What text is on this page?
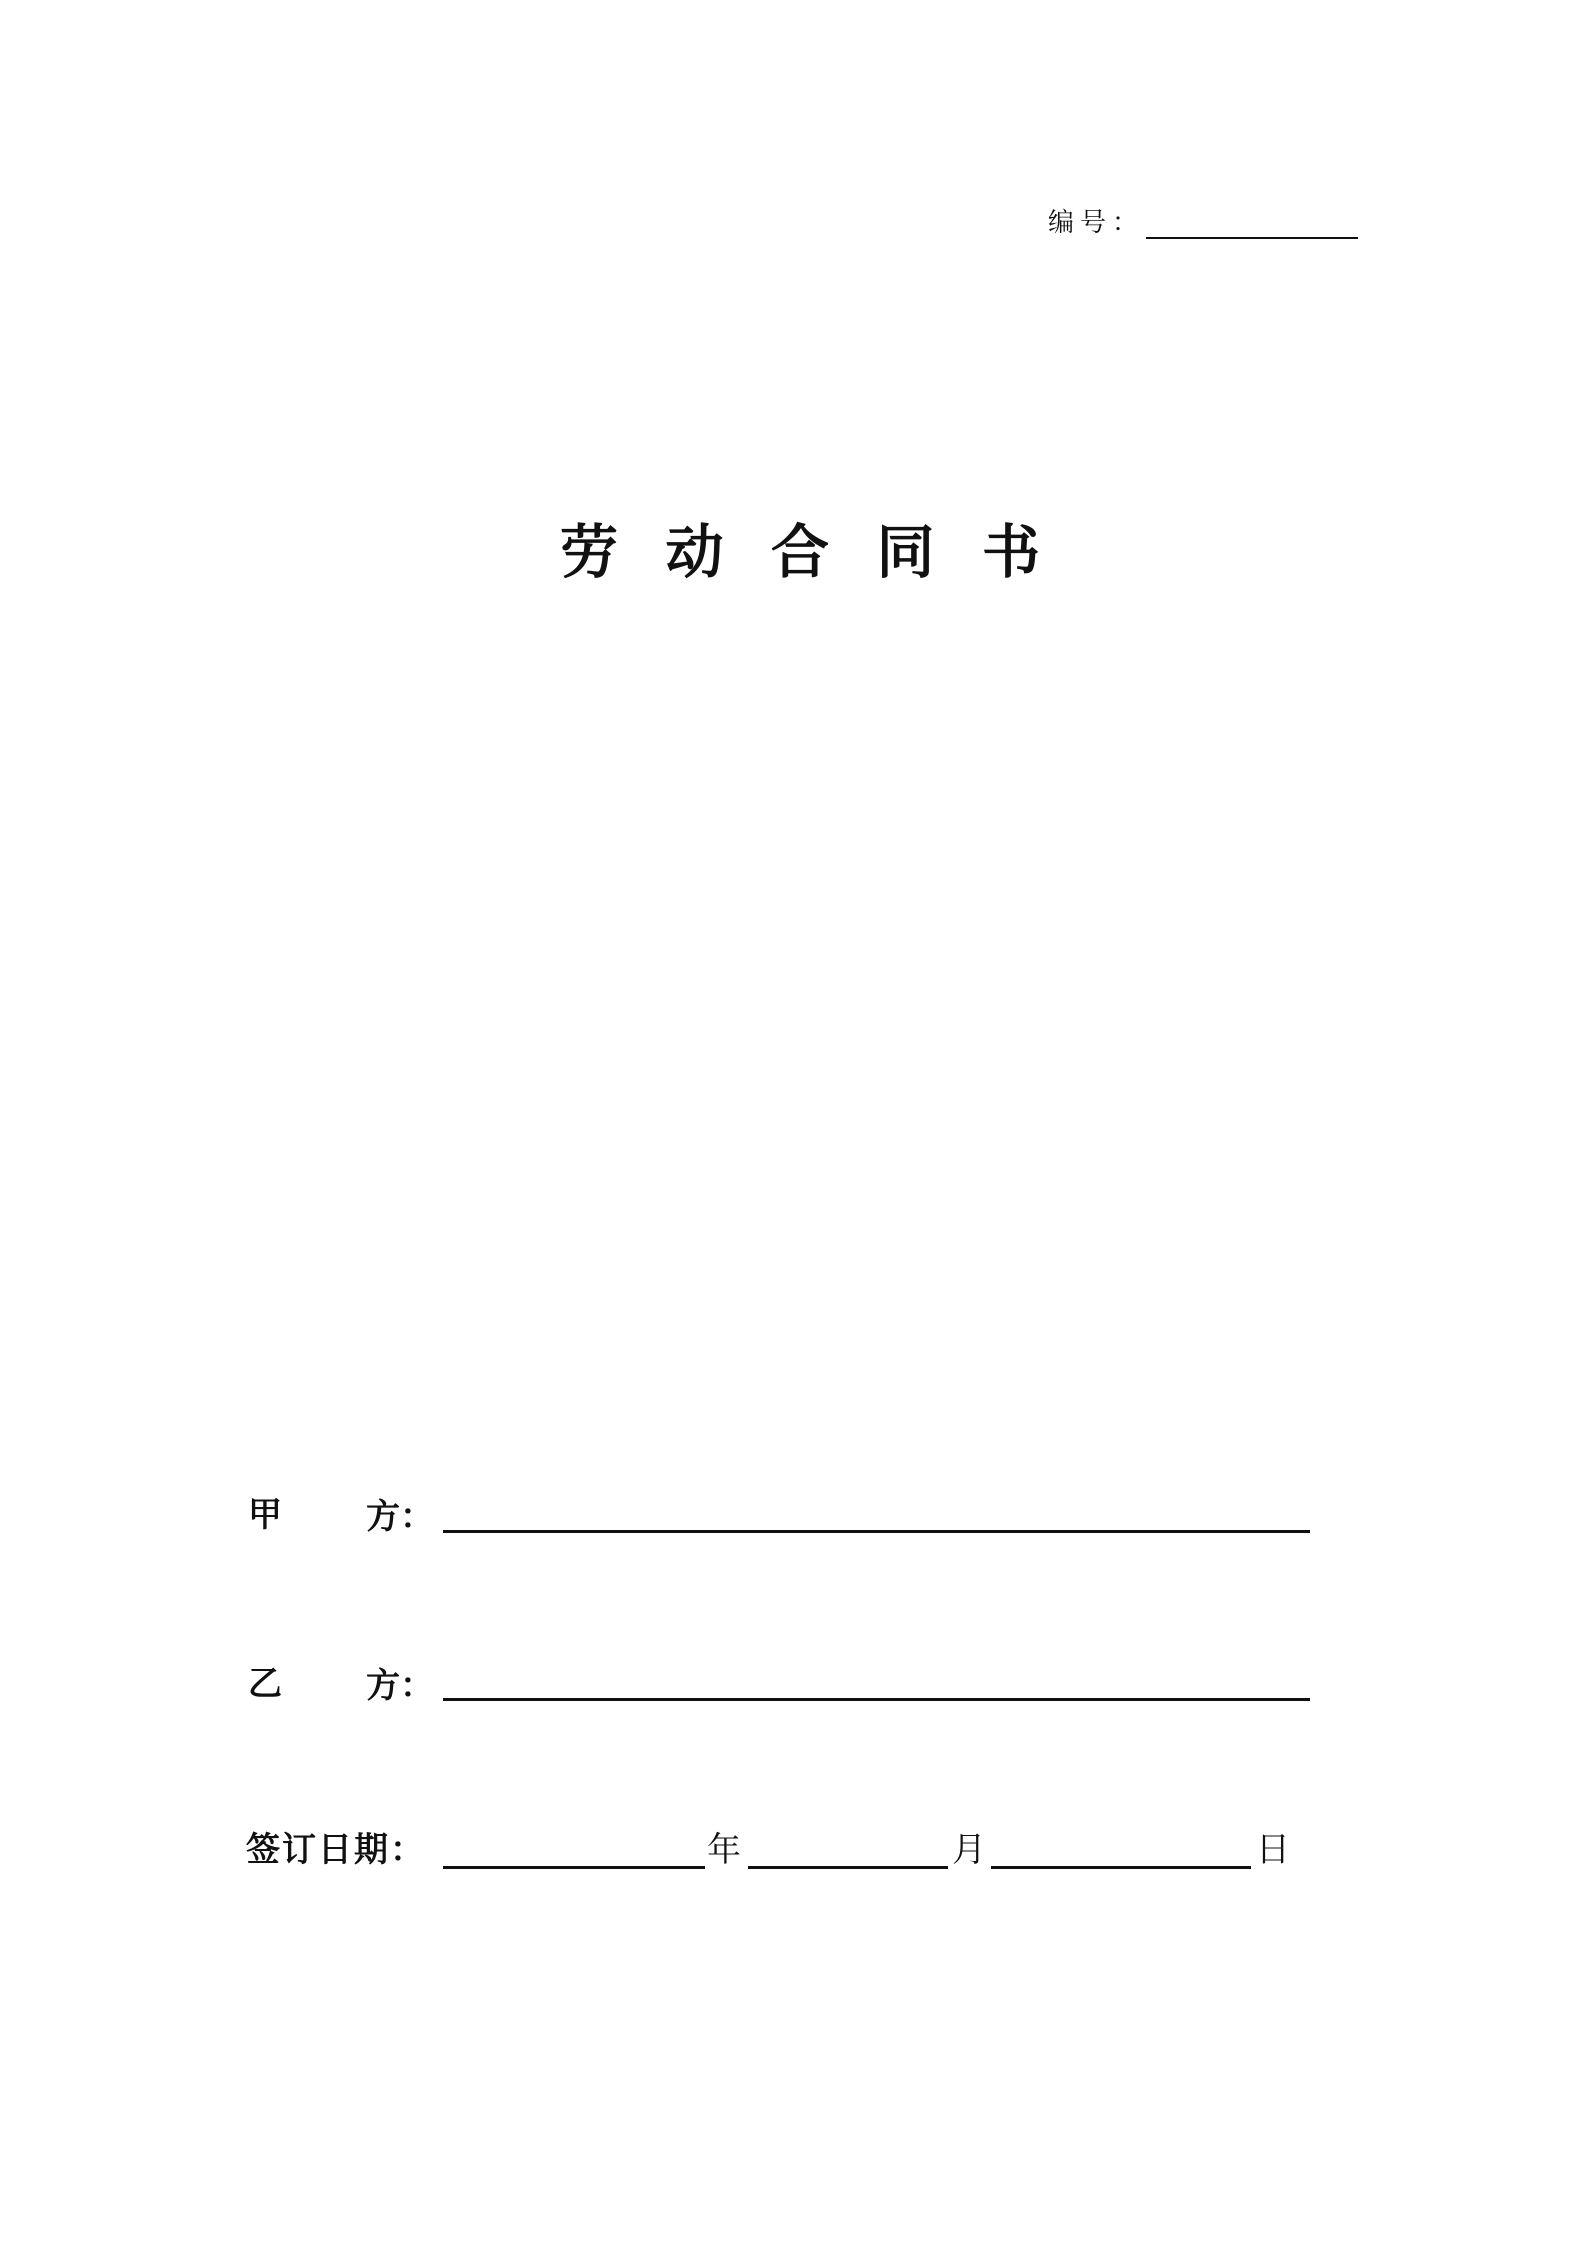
编号：
劳 动 合 同 书
甲 方：
乙 方：
签订日期：	年	月	日
